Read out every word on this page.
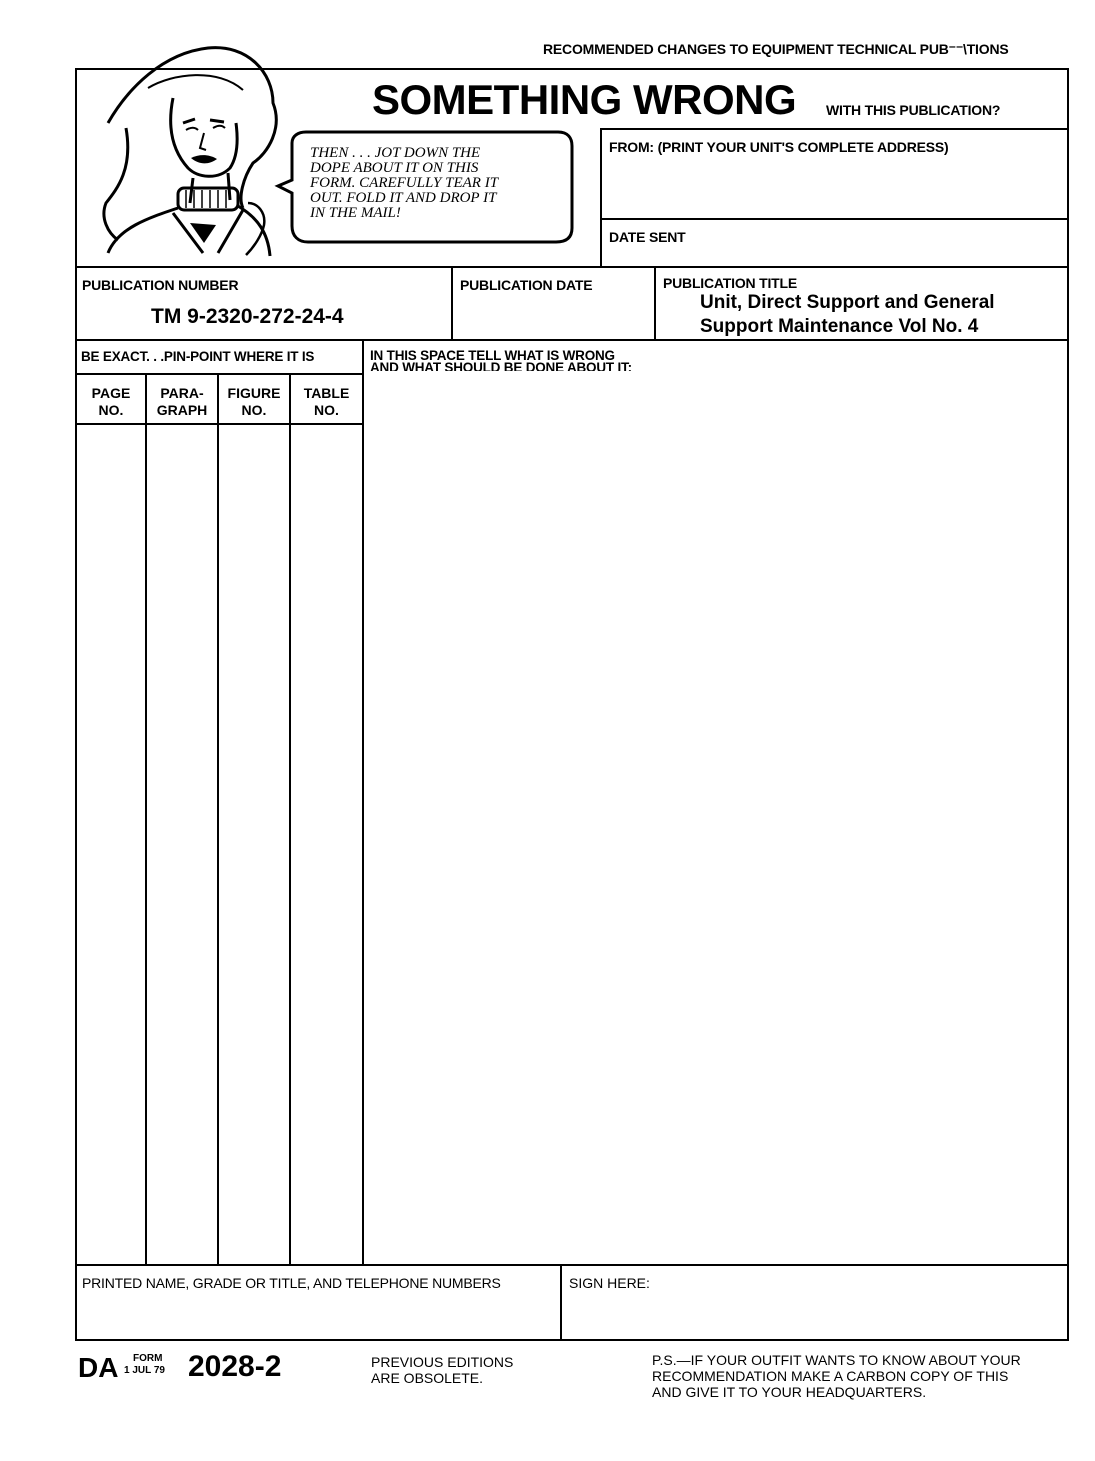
RECOMMENDED CHANGES TO EQUIPMENT TECHNICAL PUB⁻⁻\TIONS
THEN . . . JOT DOWN THE
DOPE ABOUT IT ON THIS
FORM. CAREFULLY TEAR IT
OUT. FOLD IT AND DROP IT
IN THE MAIL!
SOMETHING WRONG WITH THIS PUBLICATION?
FROM: (PRINT YOUR UNIT'S COMPLETE ADDRESS)
DATE SENT
PUBLICATION NUMBER
TM 9-2320-272-24-4
PUBLICATION DATE	PUBLICATION TITLE
Unit, Direct Support and General
Support Maintenance Vol No. 4
BE EXACT. . .PIN-POINT WHERE IT IS
PAGE
NO.
PARA-
GRAPH
FIGURE
NO.
TABLE
NO.
IN THIS SPACE TELL WHAT IS WRONG
AND WHAT SHOULD BE DONE ABOUT IT:
PRINTED NAME, GRADE OR TITLE, AND TELEPHONE NUMBERS	SIGN HERE:
DA FORM
1 JUL 79 2028-2	PREVIOUS EDITIONS
ARE OBSOLETE.
P.S.—IF YOUR OUTFIT WANTS TO KNOW ABOUT YOUR
RECOMMENDATION MAKE A CARBON COPY OF THIS
AND GIVE IT TO YOUR HEADQUARTERS.
